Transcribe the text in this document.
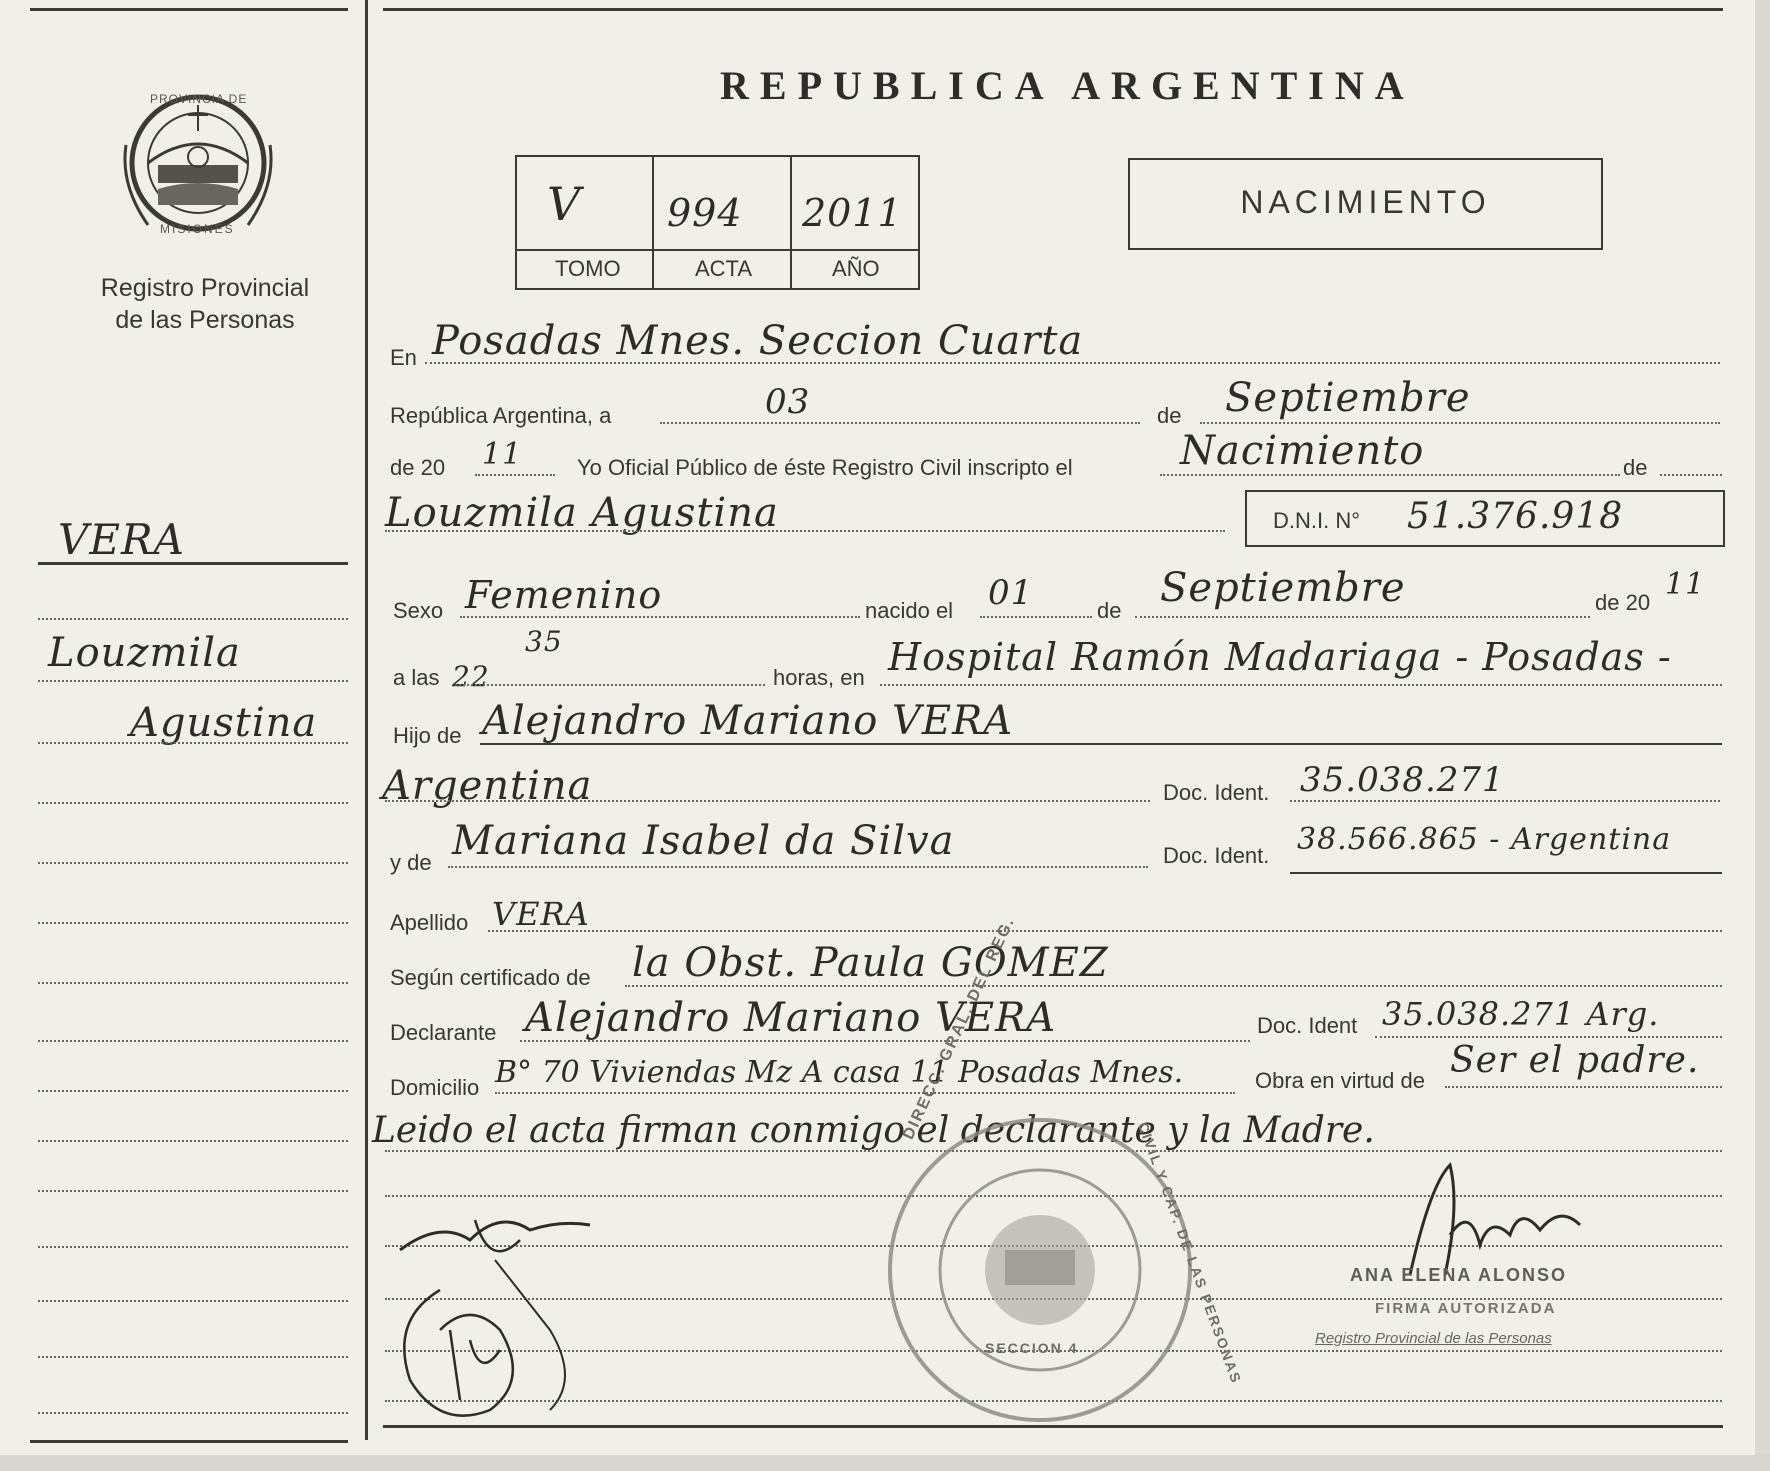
PROVINCIA DE
MISIONES
Registro Provincial
de las Personas
REPUBLICA ARGENTINA
V 994 2011
TOMO	ACTA	AÑO
NACIMIENTO
VERA
Louzmila
Agustina
En Posadas Mnes. Seccion Cuarta
República Argentina, a	03	de Septiembre
de 20 11 Yo Oficial Público de éste Registro Civil inscripto el	Nacimiento	de
Louzmila Agustina	D.N.I. N° 51.376.918
Sexo Femenino	nacido el 01	de Septiembre	de 20
11
a las 22
35
horas, en Hospital Ramón Madariaga - Posadas -
Hijo de Alejandro Mariano VERA
Argentina	Doc. Ident. 35.038.271
y de Mariana Isabel da Silva	Doc. Ident. 38.566.865 - Argentina
Apellido VERA
Según certificado de la Obst. Paula GOMEZ
Declarante Alejandro Mariano VERA	Doc. Ident 35.038.271 Arg.
Domicilio B° 70 Viviendas Mz A casa 11 Posadas Mnes.	Obra en virtud de Ser el padre.
Leido el acta firman conmigo el declarante y la Madre.
DIRECC. GRAL. DEL REG.
CIVIL Y CAP. DE LAS PERSONAS
SECCION 4
ANA ELENA ALONSO
FIRMA AUTORIZADA
Registro Provincial de las Personas
